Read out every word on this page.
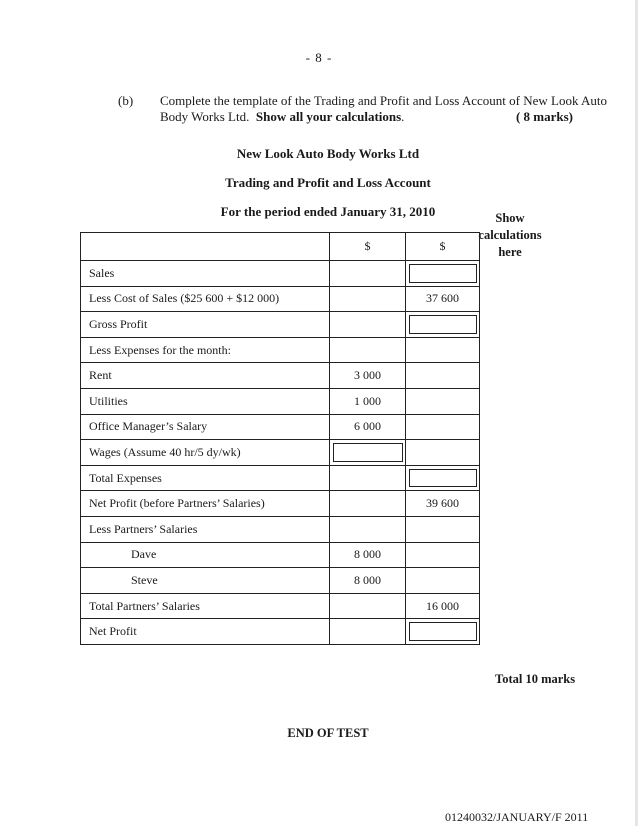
- 8 -
(b) Complete the template of the Trading and Profit and Loss Account of New Look Auto
Body Works Ltd. Show all your calculations.	( 8 marks)
New Look Auto Body Works Ltd
Trading and Profit and Loss Account
For the period ended January 31, 2010	Show
calculations
here
	$	$
Sales		

Less Cost of Sales ($25 600 + $12 000)		37 600
Gross Profit		

Less Expenses for the month:		
Rent	3 000	
Utilities	1 000	
Office Manager’s Salary	6 000	
Wages (Assume 40 hr/5 dy/wk)	

Total Expenses		

Net Profit (before Partners’ Salaries)		39 600
Less Partners’ Salaries		
Dave	8 000	
Steve	8 000	
Total Partners’ Salaries		16 000
Net Profit		
Total 10 marks
END OF TEST
01240032/JANUARY/F 2011
